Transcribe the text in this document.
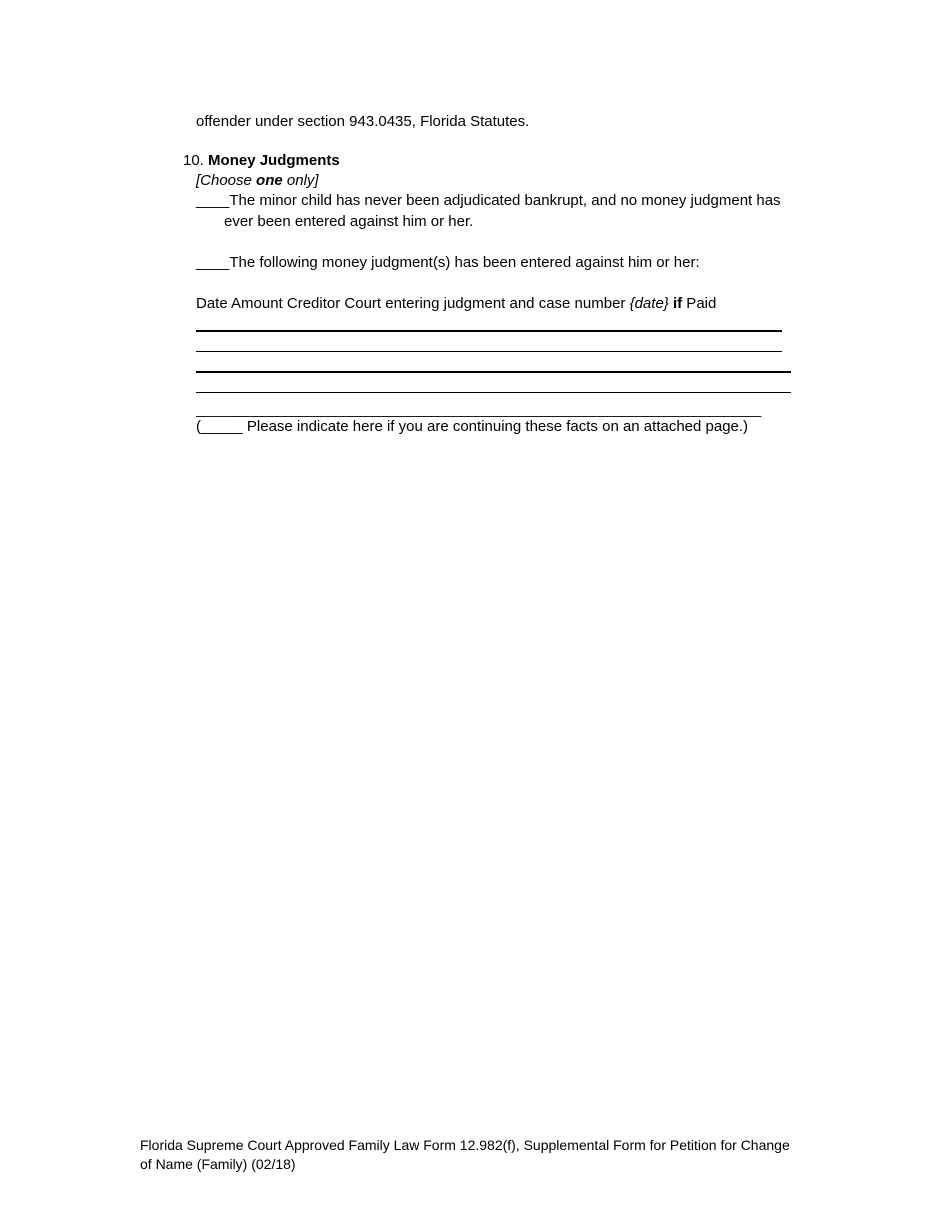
offender under section 943.0435, Florida Statutes.
10. Money Judgments
[Choose one only]
____The minor child has never been adjudicated bankrupt, and no money judgment has
ever been entered against him or her.
____The following money judgment(s) has been entered against him or her:
Date Amount Creditor Court entering judgment and case number {date} if Paid
_____________________________________________________________________________
(_____ Please indicate here if you are continuing these facts on an attached page.)
Florida Supreme Court Approved Family Law Form 12.982(f), Supplemental Form for Petition for Change
of Name (Family) (02/18)
